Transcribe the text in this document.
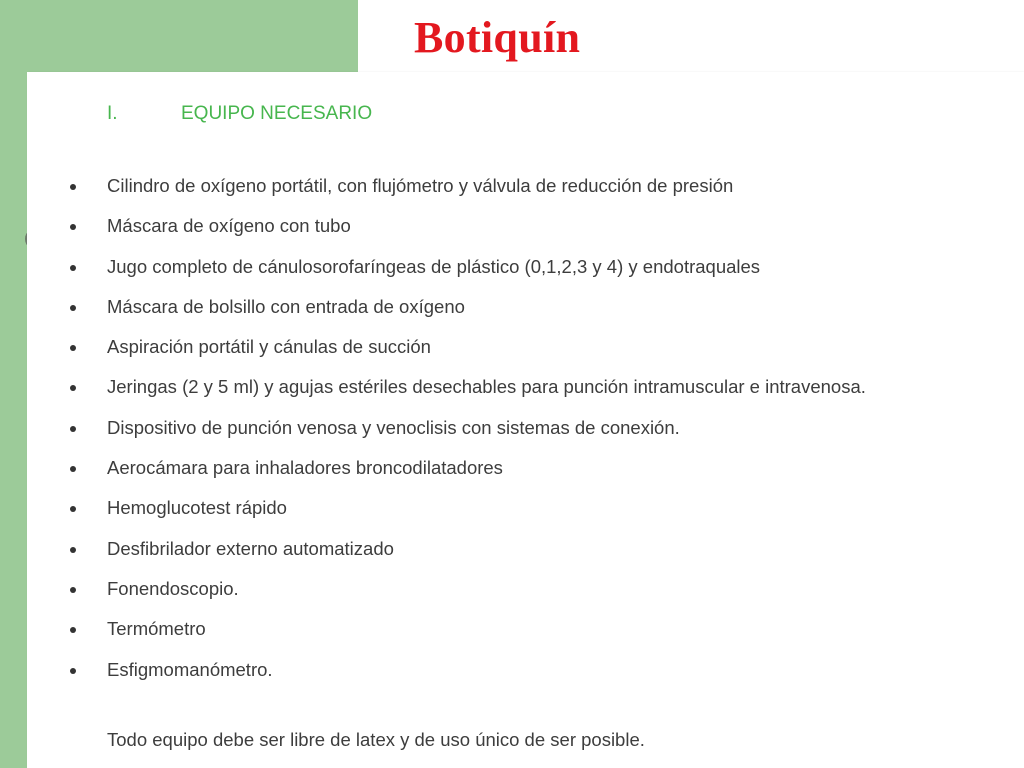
Botiquín
I.	EQUIPO NECESARIO
Cilindro de oxígeno portátil, con flujómetro y válvula de reducción de presión
Máscara de oxígeno con tubo
Jugo completo de cánulosorofaríngeas de plástico (0,1,2,3 y 4) y endotraquales
Máscara de bolsillo con entrada de oxígeno
Aspiración portátil y cánulas de succión
Jeringas (2 y 5 ml) y agujas estériles desechables para punción intramuscular e intravenosa.
Dispositivo de punción venosa y venoclisis con sistemas de conexión.
Aerocámara para inhaladores broncodilatadores
Hemoglucotest rápido
Desfibrilador externo automatizado
Fonendoscopio.
Termómetro
Esfigmomanómetro.
Todo equipo debe ser libre de latex y de uso único de ser posible.
